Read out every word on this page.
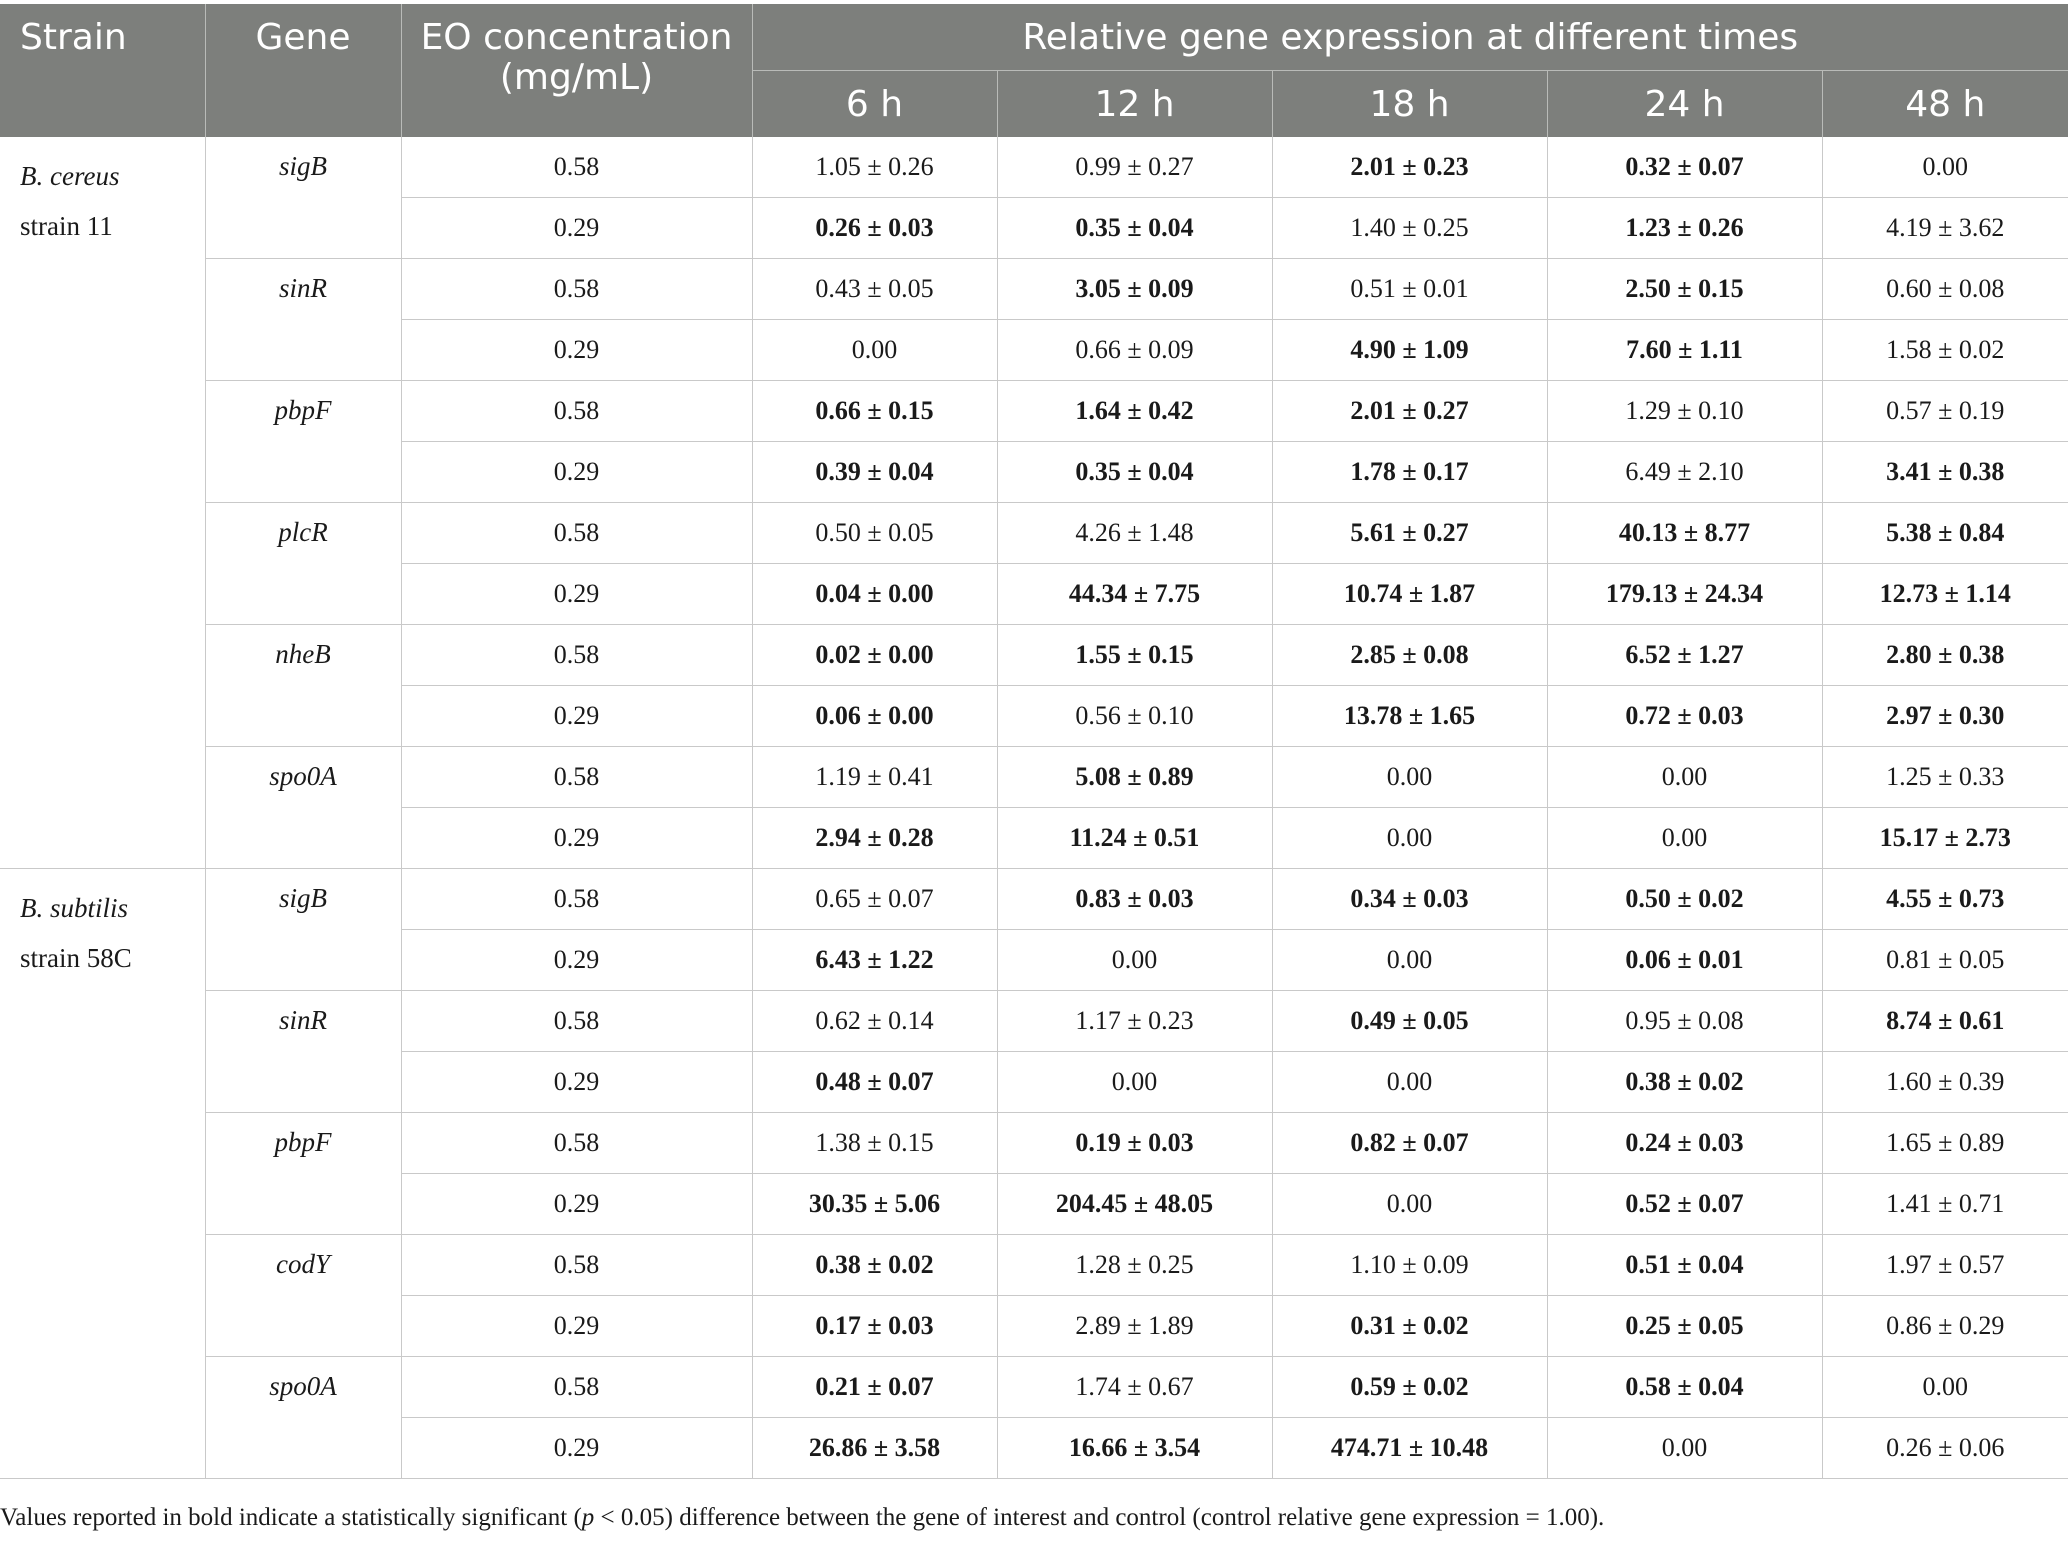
Strain	Gene	EO concentration
(mg/mL)	Relative gene expression at different times				
			6 h	12 h	18 h	24 h	48 h
B. cereus
strain 11	sigB	0.58	1.05 ± 0.26	0.99 ± 0.27	2.01 ± 0.23	0.32 ± 0.07	0.00
		0.29	0.26 ± 0.03	0.35 ± 0.04	1.40 ± 0.25	1.23 ± 0.26	4.19 ± 3.62
	sinR	0.58	0.43 ± 0.05	3.05 ± 0.09	0.51 ± 0.01	2.50 ± 0.15	0.60 ± 0.08
		0.29	0.00	0.66 ± 0.09	4.90 ± 1.09	7.60 ± 1.11	1.58 ± 0.02
	pbpF	0.58	0.66 ± 0.15	1.64 ± 0.42	2.01 ± 0.27	1.29 ± 0.10	0.57 ± 0.19
		0.29	0.39 ± 0.04	0.35 ± 0.04	1.78 ± 0.17	6.49 ± 2.10	3.41 ± 0.38
	plcR	0.58	0.50 ± 0.05	4.26 ± 1.48	5.61 ± 0.27	40.13 ± 8.77	5.38 ± 0.84
		0.29	0.04 ± 0.00	44.34 ± 7.75	10.74 ± 1.87	179.13 ± 24.34	12.73 ± 1.14
	nheB	0.58	0.02 ± 0.00	1.55 ± 0.15	2.85 ± 0.08	6.52 ± 1.27	2.80 ± 0.38
		0.29	0.06 ± 0.00	0.56 ± 0.10	13.78 ± 1.65	0.72 ± 0.03	2.97 ± 0.30
	spo0A	0.58	1.19 ± 0.41	5.08 ± 0.89	0.00	0.00	1.25 ± 0.33
		0.29	2.94 ± 0.28	11.24 ± 0.51	0.00	0.00	15.17 ± 2.73
B. subtilis
strain 58C	sigB	0.58	0.65 ± 0.07	0.83 ± 0.03	0.34 ± 0.03	0.50 ± 0.02	4.55 ± 0.73
		0.29	6.43 ± 1.22	0.00	0.00	0.06 ± 0.01	0.81 ± 0.05
	sinR	0.58	0.62 ± 0.14	1.17 ± 0.23	0.49 ± 0.05	0.95 ± 0.08	8.74 ± 0.61
		0.29	0.48 ± 0.07	0.00	0.00	0.38 ± 0.02	1.60 ± 0.39
	pbpF	0.58	1.38 ± 0.15	0.19 ± 0.03	0.82 ± 0.07	0.24 ± 0.03	1.65 ± 0.89
		0.29	30.35 ± 5.06	204.45 ± 48.05	0.00	0.52 ± 0.07	1.41 ± 0.71
	codY	0.58	0.38 ± 0.02	1.28 ± 0.25	1.10 ± 0.09	0.51 ± 0.04	1.97 ± 0.57
		0.29	0.17 ± 0.03	2.89 ± 1.89	0.31 ± 0.02	0.25 ± 0.05	0.86 ± 0.29
	spo0A	0.58	0.21 ± 0.07	1.74 ± 0.67	0.59 ± 0.02	0.58 ± 0.04	0.00
		0.29	26.86 ± 3.58	16.66 ± 3.54	474.71 ± 10.48	0.00	0.26 ± 0.06

Values reported in bold indicate a statistically significant (p < 0.05) difference between the gene of interest and control (control relative gene expression = 1.00).
